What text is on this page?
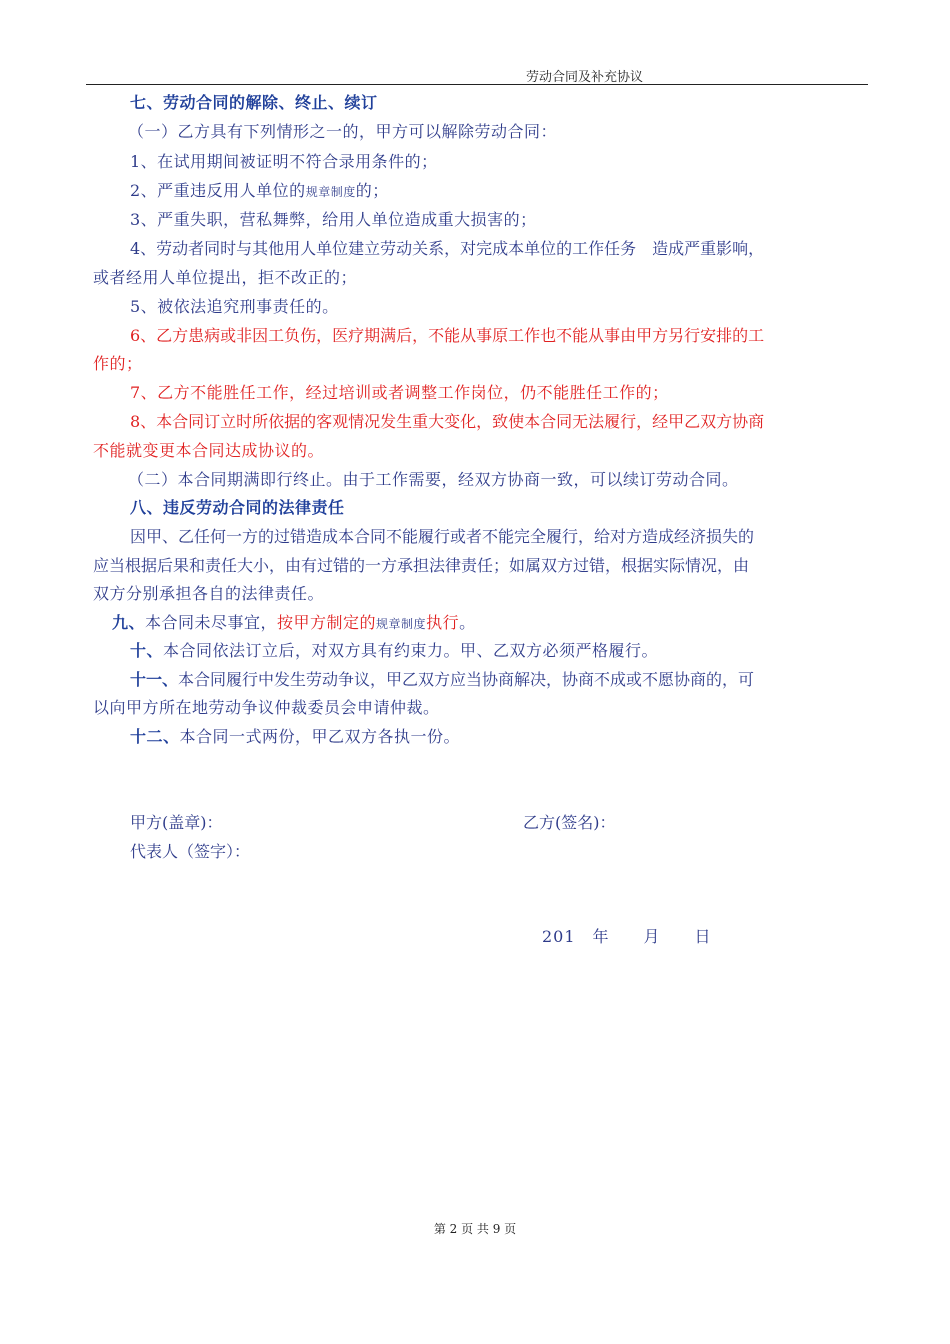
劳动合同及补充协议
七、劳动合同的解除、终止、续订
（一）乙方具有下列情形之一的，甲方可以解除劳动合同：
1、在试用期间被证明不符合录用条件的；
2、严重违反用人单位的规章制度的；
3、严重失职，营私舞弊，给用人单位造成重大损害的；
4、劳动者同时与其他用人单位建立劳动关系，对完成本单位的工作任务　造成严重影响，
或者经用人单位提出，拒不改正的；
5、被依法追究刑事责任的。
6、乙方患病或非因工负伤，医疗期满后，不能从事原工作也不能从事由甲方另行安排的工
作的；
7、乙方不能胜任工作，经过培训或者调整工作岗位，仍不能胜任工作的；
8、本合同订立时所依据的客观情况发生重大变化，致使本合同无法履行，经甲乙双方协商
不能就变更本合同达成协议的。
（二）本合同期满即行终止。由于工作需要，经双方协商一致，可以续订劳动合同。
八、违反劳动合同的法律责任
因甲、乙任何一方的过错造成本合同不能履行或者不能完全履行，给对方造成经济损失的
应当根据后果和责任大小，由有过错的一方承担法律责任；如属双方过错，根据实际情况，由
双方分别承担各自的法律责任。
九、本合同未尽事宜，按甲方制定的规章制度执行。
十、本合同依法订立后，对双方具有约束力。甲、乙双方必须严格履行。
十一、本合同履行中发生劳动争议，甲乙双方应当协商解决，协商不成或不愿协商的，可
以向甲方所在地劳动争议仲裁委员会申请仲裁。
十二、本合同一式两份，甲乙双方各执一份。
甲方(盖章)：	乙方(签名)：
代表人（签字）：
201　年　　月　　日
第 2 页 共 9 页
